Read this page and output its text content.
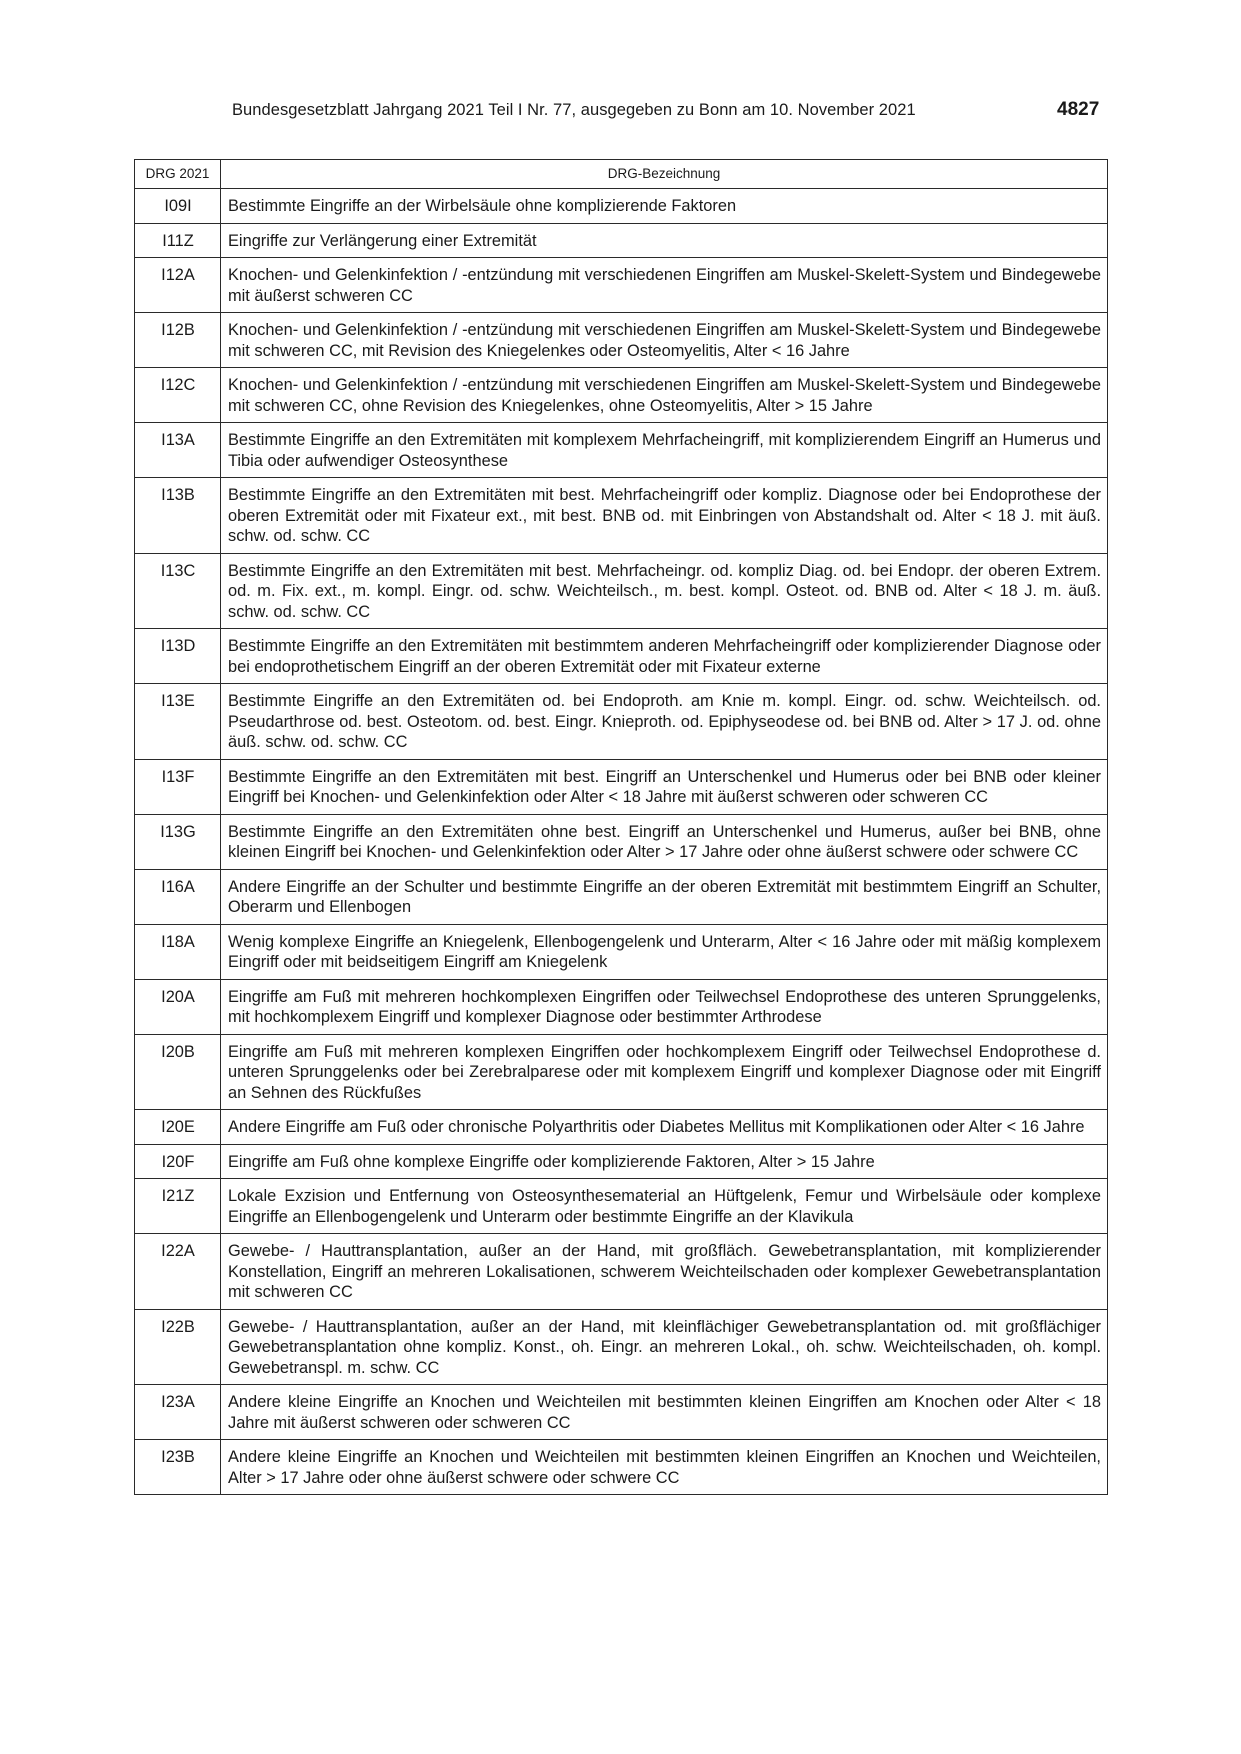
Bundesgesetzblatt Jahrgang 2021 Teil I Nr. 77, ausgegeben zu Bonn am 10. November 2021	4827
DRG 2021	DRG-Bezeichnung
I09I	Bestimmte Eingriffe an der Wirbelsäule ohne komplizierende Faktoren
I11Z	Eingriffe zur Verlängerung einer Extremität
I12A	Knochen- und Gelenkinfektion / -entzündung mit verschiedenen Eingriffen am Muskel-Skelett-System und Bindegewebe mit äußerst schweren CC
I12B	Knochen- und Gelenkinfektion / -entzündung mit verschiedenen Eingriffen am Muskel-Skelett-System und Bindegewebe mit schweren CC, mit Revision des Kniegelenkes oder Osteomyelitis, Alter < 16 Jahre
I12C	Knochen- und Gelenkinfektion / -entzündung mit verschiedenen Eingriffen am Muskel-Skelett-System und Bindegewebe mit schweren CC, ohne Revision des Kniegelenkes, ohne Osteomyelitis, Alter > 15 Jahre
I13A	Bestimmte Eingriffe an den Extremitäten mit komplexem Mehrfacheingriff, mit komplizierendem Eingriff an Humerus und Tibia oder aufwendiger Osteosynthese
I13B	Bestimmte Eingriffe an den Extremitäten mit best. Mehrfacheingriff oder kompliz. Diagnose oder bei Endoprothese der oberen Extremität oder mit Fixateur ext., mit best. BNB od. mit Einbringen von Abstandshalt od. Alter < 18 J. mit äuß. schw. od. schw. CC
I13C	Bestimmte Eingriffe an den Extremitäten mit best. Mehrfacheingr. od. kompliz Diag. od. bei Endopr. der oberen Extrem. od. m. Fix. ext., m. kompl. Eingr. od. schw. Weichteilsch., m. best. kompl. Osteot. od. BNB od. Alter < 18 J. m. äuß. schw. od. schw. CC
I13D	Bestimmte Eingriffe an den Extremitäten mit bestimmtem anderen Mehrfacheingriff oder komplizierender Diagnose oder bei endoprothetischem Eingriff an der oberen Extremität oder mit Fixateur externe
I13E	Bestimmte Eingriffe an den Extremitäten od. bei Endoproth. am Knie m. kompl. Eingr. od. schw. Weichteilsch. od. Pseudarthrose od. best. Osteotom. od. best. Eingr. Knieproth. od. Epiphyseodese od. bei BNB od. Alter > 17 J. od. ohne äuß. schw. od. schw. CC
I13F	Bestimmte Eingriffe an den Extremitäten mit best. Eingriff an Unterschenkel und Humerus oder bei BNB oder kleiner Eingriff bei Knochen- und Gelenkinfektion oder Alter < 18 Jahre mit äußerst schweren oder schweren CC
I13G	Bestimmte Eingriffe an den Extremitäten ohne best. Eingriff an Unterschenkel und Humerus, außer bei BNB, ohne kleinen Eingriff bei Knochen- und Gelenkinfektion oder Alter > 17 Jahre oder ohne äußerst schwere oder schwere CC
I16A	Andere Eingriffe an der Schulter und bestimmte Eingriffe an der oberen Extremität mit bestimmtem Eingriff an Schulter, Oberarm und Ellenbogen
I18A	Wenig komplexe Eingriffe an Kniegelenk, Ellenbogengelenk und Unterarm, Alter < 16 Jahre oder mit mäßig komplexem Eingriff oder mit beidseitigem Eingriff am Kniegelenk
I20A	Eingriffe am Fuß mit mehreren hochkomplexen Eingriffen oder Teilwechsel Endoprothese des unteren Sprunggelenks, mit hochkomplexem Eingriff und komplexer Diagnose oder bestimmter Arthrodese
I20B	Eingriffe am Fuß mit mehreren komplexen Eingriffen oder hochkomplexem Eingriff oder Teilwechsel Endoprothese d. unteren Sprunggelenks oder bei Zerebralparese oder mit komplexem Eingriff und komplexer Diagnose oder mit Eingriff an Sehnen des Rückfußes
I20E	Andere Eingriffe am Fuß oder chronische Polyarthritis oder Diabetes Mellitus mit Komplikationen oder Alter < 16 Jahre
I20F	Eingriffe am Fuß ohne komplexe Eingriffe oder komplizierende Faktoren, Alter > 15 Jahre
I21Z	Lokale Exzision und Entfernung von Osteosynthesematerial an Hüftgelenk, Femur und Wirbelsäule oder komplexe Eingriffe an Ellenbogengelenk und Unterarm oder bestimmte Eingriffe an der Klavikula
I22A	Gewebe- / Hauttransplantation, außer an der Hand, mit großfläch. Gewebetransplantation, mit komplizierender Konstellation, Eingriff an mehreren Lokalisationen, schwerem Weichteilschaden oder komplexer Gewebetransplantation mit schweren CC
I22B	Gewebe- / Hauttransplantation, außer an der Hand, mit kleinflächiger Gewebetransplantation od. mit großflächiger Gewebetransplantation ohne kompliz. Konst., oh. Eingr. an mehreren Lokal., oh. schw. Weichteilschaden, oh. kompl. Gewebetranspl. m. schw. CC
I23A	Andere kleine Eingriffe an Knochen und Weichteilen mit bestimmten kleinen Eingriffen am Knochen oder Alter < 18 Jahre mit äußerst schweren oder schweren CC
I23B	Andere kleine Eingriffe an Knochen und Weichteilen mit bestimmten kleinen Eingriffen an Knochen und Weichteilen, Alter > 17 Jahre oder ohne äußerst schwere oder schwere CC
